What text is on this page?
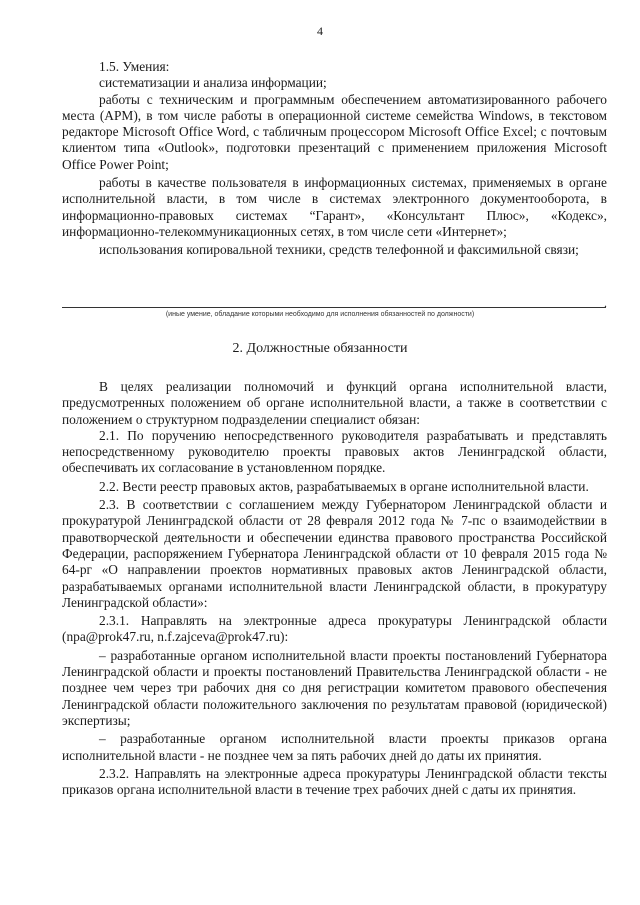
4

1.5. Умения:

систематизации и анализа информации;

работы с техническим и программным обеспечением автоматизированного рабочего места (АРМ), в том числе работы в операционной системе семейства Windows, в текстовом редакторе Microsoft Office Word, с табличным процессором Microsoft Office Excel; с почтовым клиентом типа «Outlook», подготовки презентаций с применением приложения Microsoft Office Power Point;

работы в качестве пользователя в информационных системах, применяемых в органе исполнительной власти, в том числе в системах электронного документооборота, в информационно-правовых системах “Гарант», «Консультант Плюс», «Кодекс», информационно-телекоммуникационных сетях, в том числе сети «Интернет»;

использования копировальной техники, средств телефонной и факсимильной связи;

.
(иные умение, обладание которыми необходимо для исполнения обязанностей по должности)
2. Должностные обязанности

В целях реализации полномочий и функций органа исполнительной власти, предусмотренных положением об органе исполнительной власти, а также в соответствии с положением о структурном подразделении специалист обязан:

2.1. По поручению непосредственного руководителя разрабатывать и представлять непосредственному руководителю проекты правовых актов Ленинградской области, обеспечивать их согласование в установленном порядке.

2.2. Вести реестр правовых актов, разрабатываемых в органе исполнительной власти.

2.3. В соответствии с соглашением между Губернатором Ленинградской области и прокуратурой Ленинградской области от 28 февраля 2012 года № 7-пс о взаимодействии в правотворческой деятельности и обеспечении единства правового пространства Российской Федерации, распоряжением Губернатора Ленинградской области от 10 февраля 2015 года № 64-рг «О направлении проектов нормативных правовых актов Ленинградской области, разрабатываемых органами исполнительной власти Ленинградской области, в прокуратуру Ленинградской области»:

2.3.1. Направлять на электронные адреса прокуратуры Ленинградской области (npa@prok47.ru, n.f.zajceva@prok47.ru):

– разработанные органом исполнительной власти проекты постановлений Губернатора Ленинградской области и проекты постановлений Правительства Ленинградской области - не позднее чем через три рабочих дня со дня регистрации комитетом правового обеспечения Ленинградской области положительного заключения по результатам правовой (юридической) экспертизы;

– разработанные органом исполнительной власти проекты приказов органа исполнительной власти - не позднее чем за пять рабочих дней до даты их принятия.

2.3.2. Направлять на электронные адреса прокуратуры Ленинградской области тексты приказов органа исполнительной власти в течение трех рабочих дней с даты их принятия.
